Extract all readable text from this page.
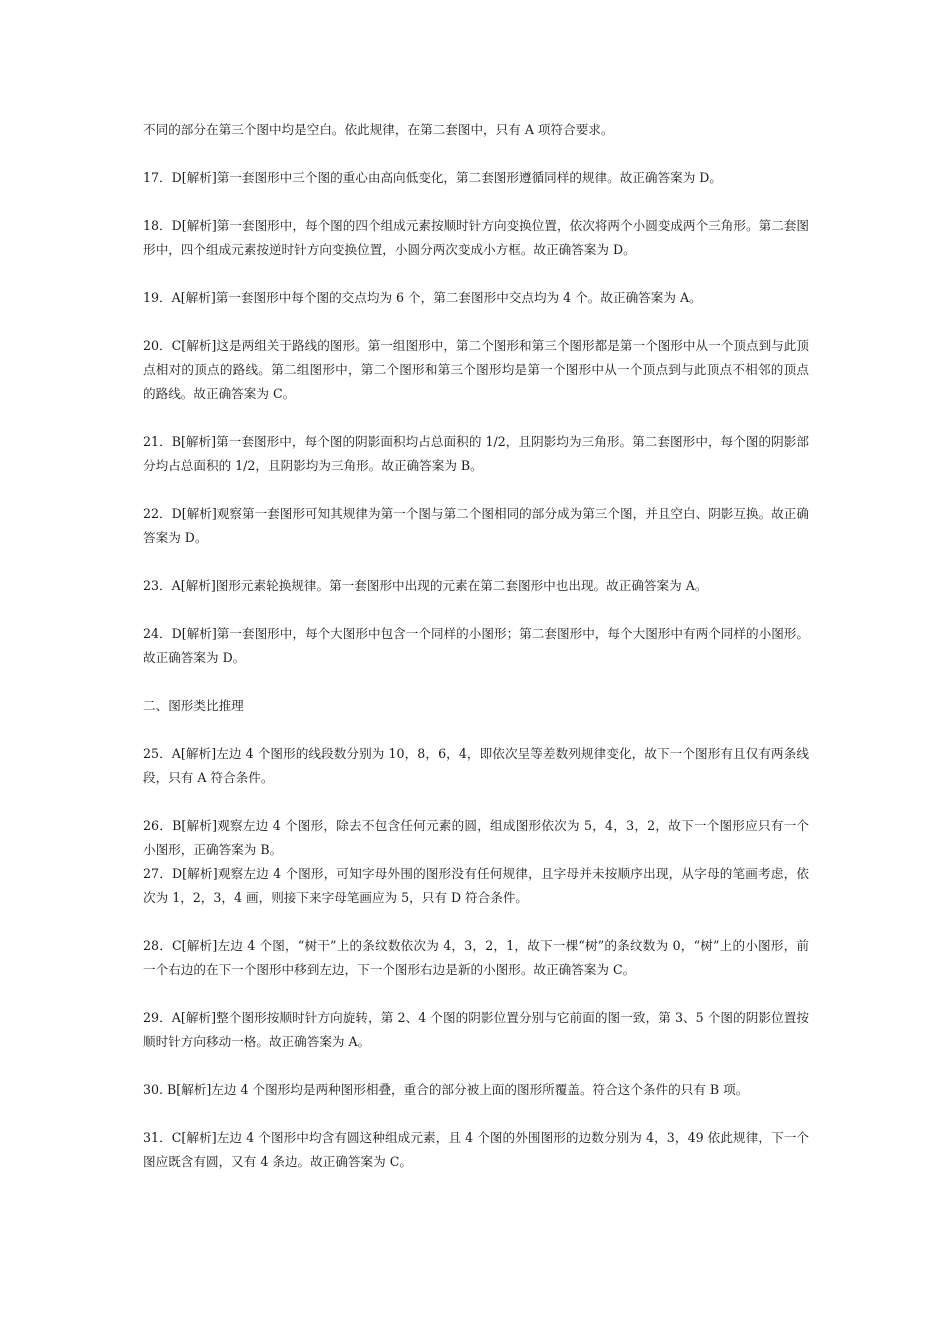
不同的部分在第三个图中均是空白。依此规律，在第二套图中，只有 A 项符合要求。

17．D[解析]第一套图形中三个图的重心由高向低变化，第二套图形遵循同样的规律。故正确答案为 D。

18．D[解析]第一套图形中，每个图的四个组成元素按顺时针方向变换位置，依次将两个小圆变成两个三角形。第二套图形中，四个组成元素按逆时针方向变换位置，小圆分两次变成小方框。故正确答案为 D。

19．A[解析]第一套图形中每个图的交点均为 6 个，第二套图形中交点均为 4 个。故正确答案为 A。

20．C[解析]这是两组关于路线的图形。第一组图形中，第二个图形和第三个图形都是第一个图形中从一个顶点到与此顶点相对的顶点的路线。第二组图形中，第二个图形和第三个图形均是第一个图形中从一个顶点到与此顶点不相邻的顶点的路线。故正确答案为 C。

21．B[解析]第一套图形中，每个图的阴影面积均占总面积的 1/2，且阴影均为三角形。第二套图形中，每个图的阴影部分均占总面积的 1/2，且阴影均为三角形。故正确答案为 B。

22．D[解析]观察第一套图形可知其规律为第一个图与第二个图相同的部分成为第三个图，并且空白、阴影互换。故正确答案为 D。

23．A[解析]图形元素轮换规律。第一套图形中出现的元素在第二套图形中也出现。故正确答案为 A。

24．D[解析]第一套图形中，每个大图形中包含一个同样的小图形；第二套图形中，每个大图形中有两个同样的小图形。故正确答案为 D。

二、图形类比推理

25．A[解析]左边 4 个图形的线段数分别为 10，8，6，4，即依次呈等差数列规律变化，故下一个图形有且仅有两条线段，只有 A 符合条件。

26．B[解析]观察左边 4 个图形，除去不包含任何元素的圆，组成图形依次为 5，4，3，2，故下一个图形应只有一个小图形，正确答案为 B。

27．D[解析]观察左边 4 个图形，可知字母外围的图形没有任何规律，且字母并未按顺序出现，从字母的笔画考虑，依次为 1，2，3，4 画，则接下来字母笔画应为 5，只有 D 符合条件。

28．C[解析]左边 4 个图，“树干”上的条纹数依次为 4，3，2，1，故下一棵“树”的条纹数为 0，“树”上的小图形，前一个右边的在下一个图形中移到左边，下一个图形右边是新的小图形。故正确答案为 C。

29．A[解析]整个图形按顺时针方向旋转，第 2、4 个图的阴影位置分别与它前面的图一致，第 3、5 个图的阴影位置按顺时针方向移动一格。故正确答案为 A。

30. B[解析]左边 4 个图形均是两种图形相叠，重合的部分被上面的图形所覆盖。符合这个条件的只有 B 项。

31．C[解析]左边 4 个图形中均含有圆这种组成元素，且 4 个图的外围图形的边数分别为 4，3，49 依此规律，下一个图应既含有圆，又有 4 条边。故正确答案为 C。
